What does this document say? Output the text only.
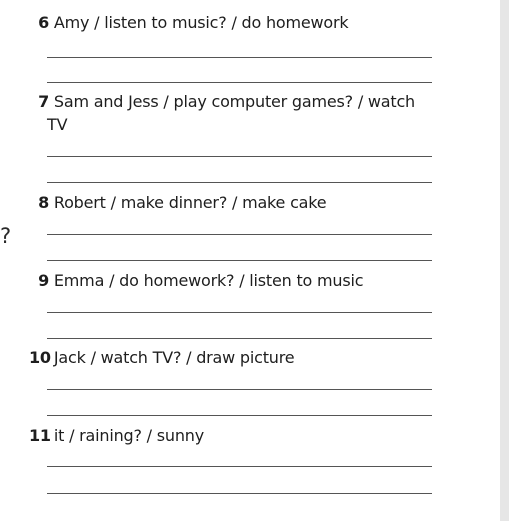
?
6 Amy / listen to music? / do homework
7 Sam and Jess / play computer games? / watch
TV
8 Robert / make dinner? / make cake
9 Emma / do homework? / listen to music
10 Jack / watch TV? / draw picture
11 it / raining? / sunny
